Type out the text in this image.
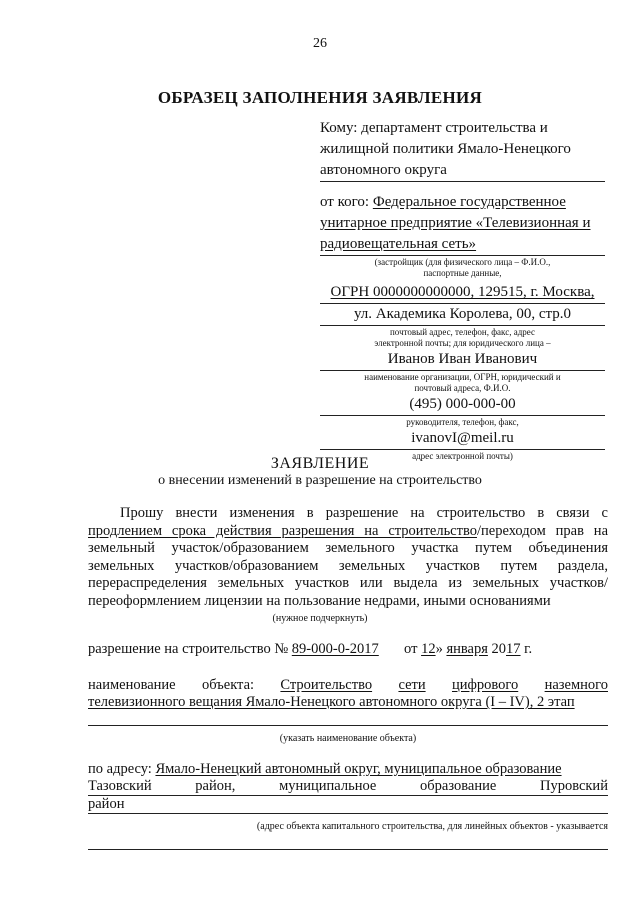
26
ОБРАЗЕЦ ЗАПОЛНЕНИЯ ЗАЯВЛЕНИЯ
Кому: департамент строительства и
жилищной политики Ямало-Ненецкого
автономного округа
от кого: Федеральное государственное
унитарное предприятие «Телевизионная и
радиовещательная сеть»
(застройщик (для физического лица – Ф.И.О.,
паспортные данные,
ОГРН 0000000000000, 129515, г. Москва,
ул. Академика Королева, 00, стр.0
почтовый адрес, телефон, факс, адрес
электронной почты; для юридического лица –
Иванов Иван Иванович
наименование организации, ОГРН, юридический и
почтовый адреса, Ф.И.О.
(495) 000-000-00
руководителя, телефон, факс,
ivanovI@meil.ru
адрес электронной почты)
ЗАЯВЛЕНИЕ
о внесении изменений в разрешение на строительство
Прошу внести изменения в разрешение на строительство в связи с продлением срока действия разрешения на строительство/переходом прав на земельный участок/образованием земельного участка путем объединения земельных участков/образованием земельных участков путем раздела, перераспределения земельных участков или выдела из земельных участков/ переоформлением лицензии на пользование недрами, иными основаниями
(нужное подчеркнуть)
разрешение на строительство № 89-000-0-2017 от 12» января 2017 г.
наименование объекта: Строительство сети цифрового наземного
телевизионного вещания Ямало-Ненецкого автономного округа (I – IV), 2 этап
(указать наименование объекта)
по адресу: Ямало-Ненецкий автономный округ, муниципальное образование
Тазовский	район,	муниципальное	образование	Пуровский
район
(адрес объекта капитального строительства, для линейных объектов - указывается
